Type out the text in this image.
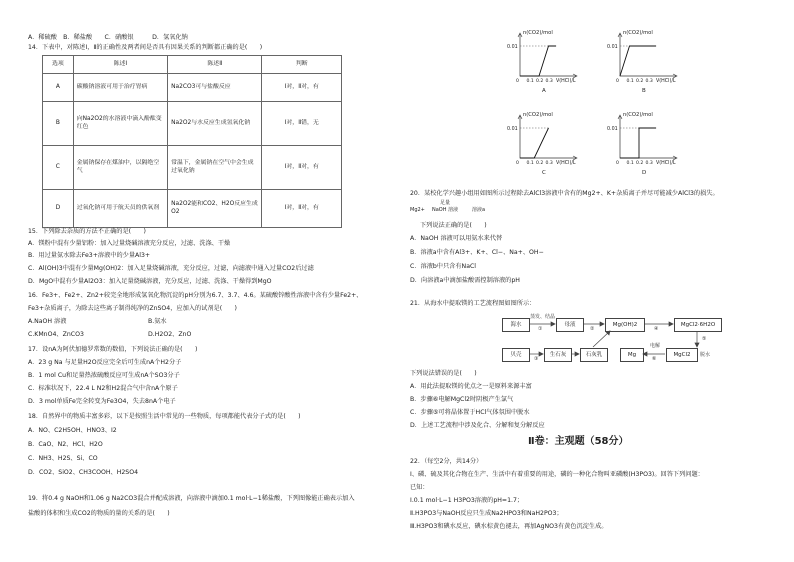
A．稀硫酸　B．稀盐酸　　C．硝酸银　　　D．氢氧化钠
14．下表中，对陈述Ⅰ，Ⅱ的正确性及两者间是否具有因果关系的判断都正确的是(　　)
选项	陈述Ⅰ	陈述Ⅱ	判断
A	碳酸钠溶液可用于治疗胃病	Na2CO3可与盐酸反应	Ⅰ对，Ⅱ对，有
B	向Na2O2的水溶液中滴入酚酞变红色	Na2O2与水反应生成氢氧化钠	Ⅰ对，Ⅱ错，无
C	金属钠保存在煤油中，以隔绝空气	常温下，金属钠在空气中会生成过氧化钠	Ⅰ对，Ⅱ对，有
D	过氧化钠可用于航天员的供氧剂	Na2O2能和CO2、H2O反应生成O2	Ⅰ对，Ⅱ对，有
15．下列除去杂质的方法不正确的是(　　)
A．镁粉中混有少量铝粉：加入过量烧碱溶液充分反应，过滤、洗涤、干燥
B．用过量氨水除去Fe3+溶液中的少量Al3+
C．Al(OH)3中混有少量Mg(OH)2：加入足量烧碱溶液，充分反应，过滤，向滤液中通入过量CO2后过滤
D．MgO中混有少量Al2O3：加入足量烧碱溶液，充分反应，过滤、洗涤、干燥得到MgO
16．Fe3+、Fe2+、Zn2+较完全地形成氢氧化物沉淀的pH分别为6.7、3.7、4.6。某硫酸锌酸性溶液中含有少量Fe2+、
Fe3+杂质离子，为除去这些离子制得纯净的ZnSO4，应加入的试剂是(　　)
A.NaOH 溶液	B.氨水
C.KMnO4、ZnCO3	D.H2O2、ZnO
17．设nA为阿伏加德罗常数的数值，下列说法正确的是(　　)
A．23 g Na 与足量H2O反应完全后可生成nA个H2分子
B．1 mol Cu和足量热浓硫酸反应可生成nA个SO3分子
C．标准状况下，22.4 L N2和H2混合气中含nA个原子
D．3 mol单质Fe完全转变为Fe3O4，失去8nA个电子
18．自然界中的物质丰富多彩，以下是按照生活中常见的一些物质，每项都能代表分子式的是(　　)
A．NO、C2H5OH、HNO3、I2
B．CaO、N2、HCl、H2O
C．NH3、H2S、Si、CO
D．CO2、SiO2、CH3COOH、H2SO4
19．将0.4 g NaOH和1.06 g Na2CO3混合并配成溶液，向溶液中滴加0.1 mol·L−1稀盐酸，下列图像能正确表示加入
盐酸的体积和生成CO2的物质的量的关系的是(　　)
n(CO2)/mol
0.01
0 0.1 0.2 0.3 V(HCl)/L
A
n(CO2)/mol
0.01
0 0.1 0.2 0.3 V(HCl)/L
B
n(CO2)/mol
0.01
0 0.1 0.2 0.3 V(HCl)/L
C
n(CO2)/mol
0.01
0 0.1 0.2 0.3 V(HCl)/L
D
20．某校化学兴趣小组用如图所示过程除去AlCl3溶液中含有的Mg2+、K+杂质离子并尽可能减少AlCl3的损失。
足量
Mg2+ NaOH 溶液	溶液a
下列说法正确的是(　　)
A．NaOH 溶液可以用氨水来代替
B．溶液a中含有Al3+、K+、Cl−、Na+、OH−
C．溶液b中只含有NaCl
D．向溶液a中滴加盐酸需控制溶液的pH
21．从海水中提取镁的工艺流程图如图所示：
海水
蒸发、结晶
①
母液
②
Mg(OH)2
④
MgCl2·6H2O
贝壳
③
生石灰	石灰乳	Mg
电解
⑥
MgCl2	脱水
⑤
下列说法错误的是(　　)
A．用此法提取镁的优点之一是原料来源丰富
B．步骤⑥电解MgCl2时阴极产生氯气
C．步骤⑤可将晶体置于HCl气体氛围中脱水
D．上述工艺流程中涉及化合、分解和复分解反应
Ⅱ卷：主观题（58分）
22．（每空2分，共14分）
Ⅰ、磷、硫及其化合物在生产、生活中有着重要的用途，磷的一种化合物叫亚磷酸(H3PO3)。回答下列问题：
已知：
Ⅰ.0.1 mol·L−1 H3PO3溶液的pH=1.7；
Ⅱ.H3PO3与NaOH反应只生成Na2HPO3和NaH2PO3；
Ⅲ.H3PO3和碘水反应，碘水棕黄色褪去，再加AgNO3有黄色沉淀生成。
